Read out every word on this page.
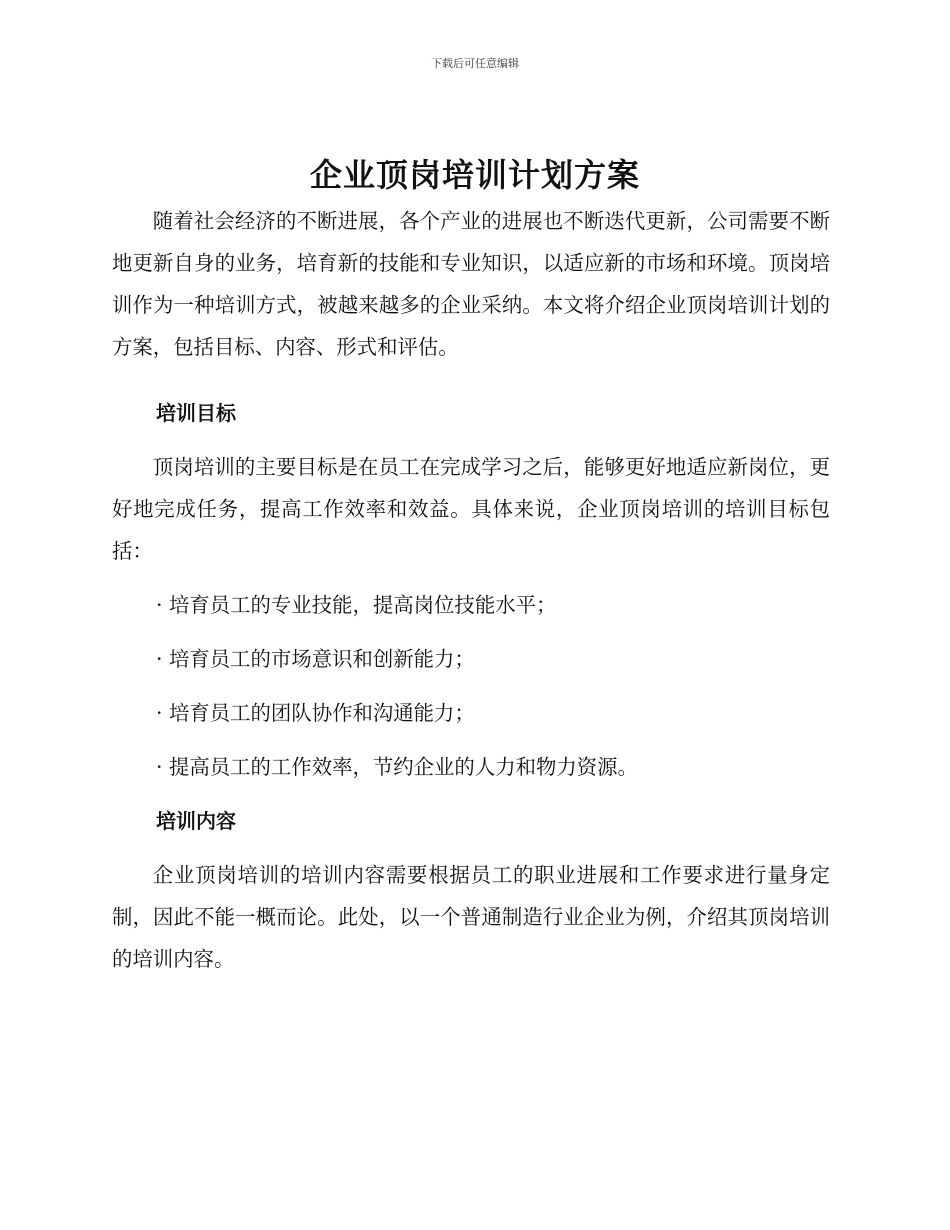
下载后可任意编辑
企业顶岗培训计划方案

随着社会经济的不断进展，各个产业的进展也不断迭代更新，公司需要不断地更新自身的业务，培育新的技能和专业知识，以适应新的市场和环境。顶岗培训作为一种培训方式，被越来越多的企业采纳。本文将介绍企业顶岗培训计划的方案，包括目标、内容、形式和评估。

培训目标

顶岗培训的主要目标是在员工在完成学习之后，能够更好地适应新岗位，更好地完成任务，提高工作效率和效益。具体来说，企业顶岗培训的培训目标包括：

· 培育员工的专业技能，提高岗位技能水平；
· 培育员工的市场意识和创新能力；
· 培育员工的团队协作和沟通能力；
· 提高员工的工作效率，节约企业的人力和物力资源。
培训内容

企业顶岗培训的培训内容需要根据员工的职业进展和工作要求进行量身定制，因此不能一概而论。此处，以一个普通制造行业企业为例，介绍其顶岗培训的培训内容。
